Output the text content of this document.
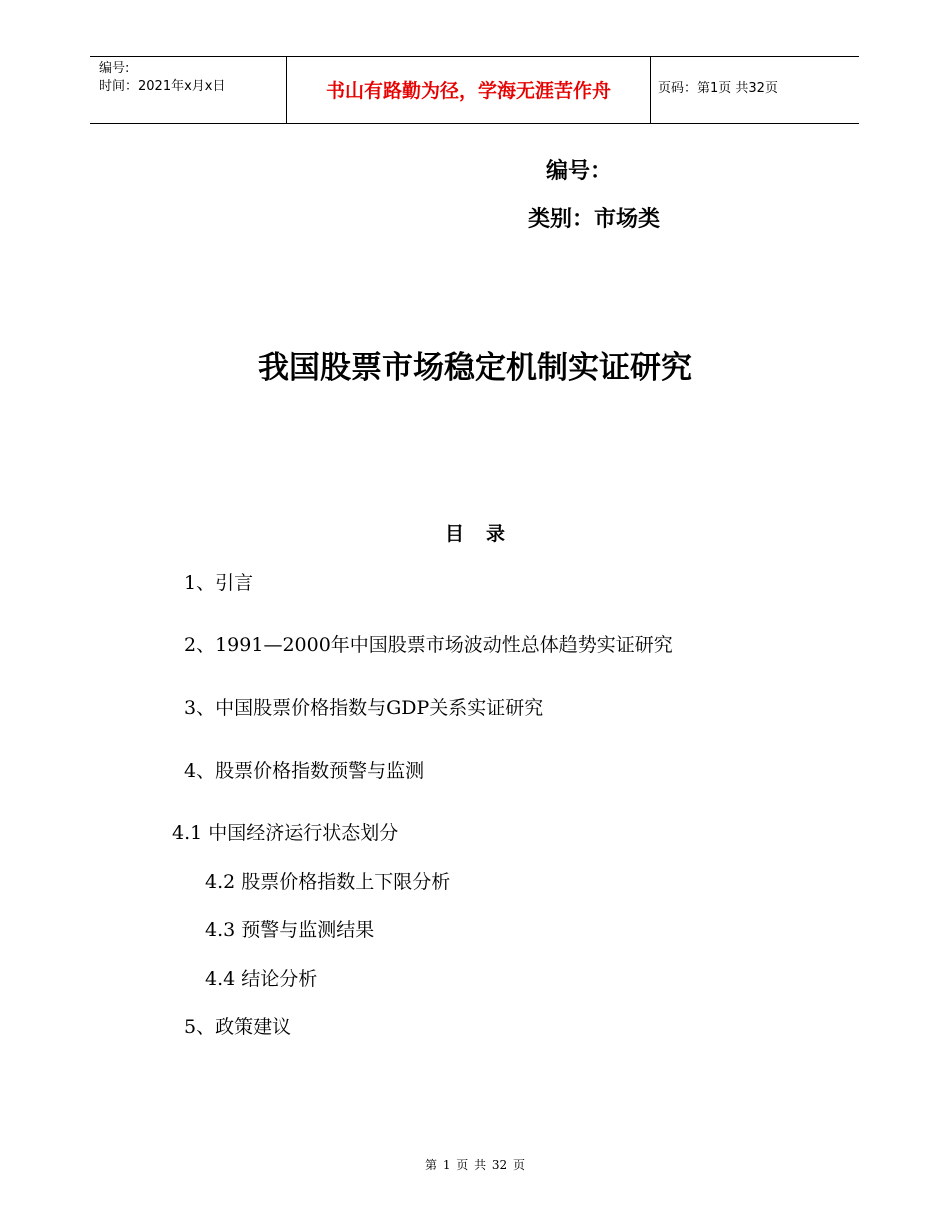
编号:
时间：2021年x月x日	书山有路勤为径，学海无涯苦作舟	页码：第1页 共32页
编号：
类别：市场类
我国股票市场稳定机制实证研究
目录
1、引言
2、1991—2000年中国股票市场波动性总体趋势实证研究
3、中国股票价格指数与GDP关系实证研究
4、股票价格指数预警与监测
4.1 中国经济运行状态划分
4.2 股票价格指数上下限分析
4.3 预警与监测结果
4.4 结论分析
5、政策建议
第 1 页 共 32 页
